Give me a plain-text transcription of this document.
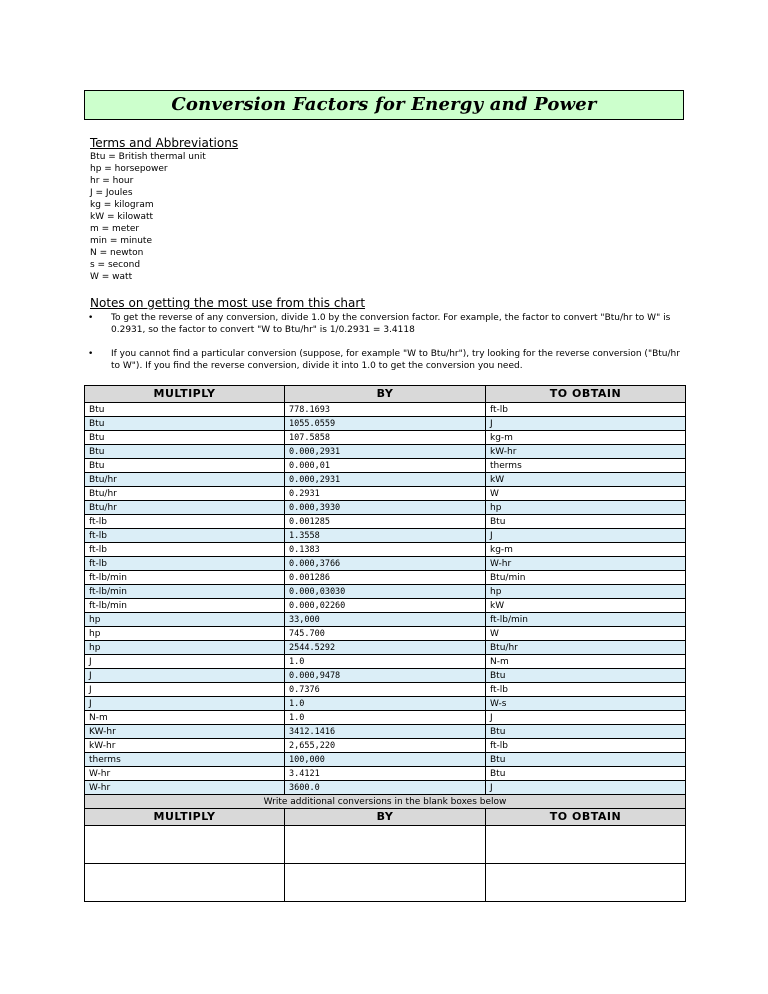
Conversion Factors for Energy and Power
Terms and Abbreviations
Btu = British thermal unit
hp = horsepower
hr = hour
J = Joules
kg = kilogram
kW = kilowatt
m = meter
min = minute
N = newton
s = second
W = watt
Notes on getting the most use from this chart
• To get the reverse of any conversion, divide 1.0 by the conversion factor. For example, the factor to convert "Btu/hr to W" is 0.2931, so the factor to convert "W to Btu/hr" is 1/0.2931 = 3.4118
• If you cannot find a particular conversion (suppose, for example "W to Btu/hr"), try looking for the reverse conversion ("Btu/hr to W"). If you find the reverse conversion, divide it into 1.0 to get the conversion you need.
MULTIPLY	BY	TO OBTAIN
Btu	778.1693	ft-lb
Btu	1055.0559	J
Btu	107.5858	kg-m
Btu	0.000,2931	kW-hr
Btu	0.000,01	therms
Btu/hr	0.000,2931	kW
Btu/hr	0.2931	W
Btu/hr	0.000,3930	hp
ft-lb	0.001285	Btu
ft-lb	1.3558	J
ft-lb	0.1383	kg-m
ft-lb	0.000,3766	W-hr
ft-lb/min	0.001286	Btu/min
ft-lb/min	0.000,03030	hp
ft-lb/min	0.000,02260	kW
hp	33,000	ft-lb/min
hp	745.700	W
hp	2544.5292	Btu/hr
J	1.0	N-m
J	0.000,9478	Btu
J	0.7376	ft-lb
J	1.0	W-s
N-m	1.0	J
KW-hr	3412.1416	Btu
kW-hr	2,655,220	ft-lb
therms	100,000	Btu
W-hr	3.4121	Btu
W-hr	3600.0	J
Write additional conversions in the blank boxes below		
MULTIPLY	BY	TO OBTAIN
